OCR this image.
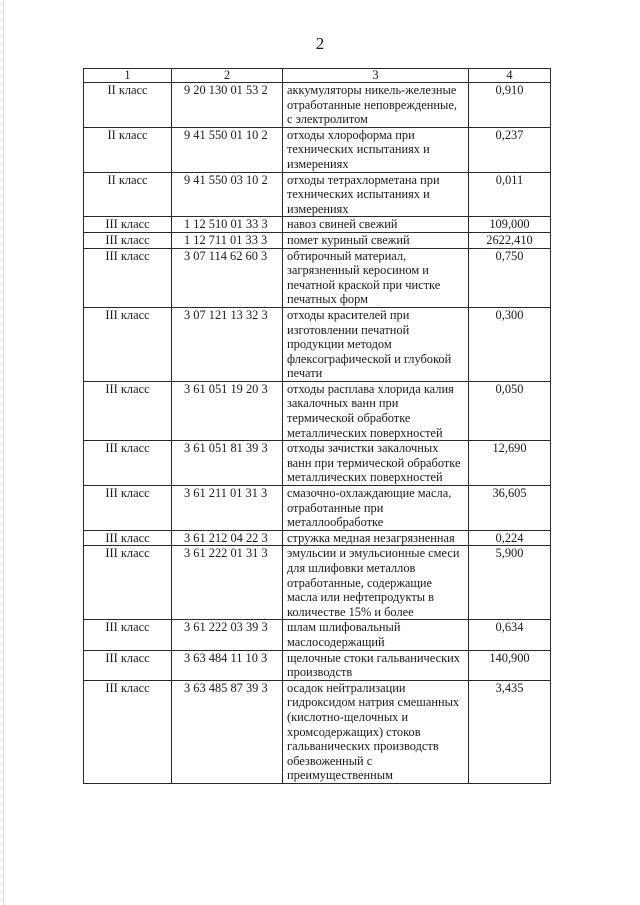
2
1	2	3	4
II класс	9 20 130 01 53 2	аккумуляторы никель-железные отработанные неповрежденные, с электролитом	0,910
II класс	9 41 550 01 10 2	отходы хлороформа при технических испытаниях и измерениях	0,237
II класс	9 41 550 03 10 2	отходы тетрахлорметана при технических испытаниях и измерениях	0,011
III класс	1 12 510 01 33 3	навоз свиней свежий	109,000
III класс	1 12 711 01 33 3	помет куриный свежий	2622,410
III класс	3 07 114 62 60 3	обтирочный материал, загрязненный керосином и печатной краской при чистке печатных форм	0,750
III класс	3 07 121 13 32 3	отходы красителей при изготовлении печатной продукции методом флексографической и глубокой печати	0,300
III класс	3 61 051 19 20 3	отходы расплава хлорида калия закалочных ванн при термической обработке металлических поверхностей	0,050
III класс	3 61 051 81 39 3	отходы зачистки закалочных ванн при термической обработке металлических поверхностей	12,690
III класс	3 61 211 01 31 3	смазочно-охлаждающие масла, отработанные при металлообработке	36,605
III класс	3 61 212 04 22 3	стружка медная незагрязненная	0,224
III класс	3 61 222 01 31 3	эмульсии и эмульсионные смеси для шлифовки металлов отработанные, содержащие масла или нефтепродукты в количестве 15% и более	5,900
III класс	3 61 222 03 39 3	шлам шлифовальный маслосодержащий	0,634
III класс	3 63 484 11 10 3	щелочные стоки гальванических производств	140,900
III класс	3 63 485 87 39 3	осадок нейтрализации гидроксидом натрия смешанных (кислотно-щелочных и хромсодержащих) стоков гальванических производств обезвоженный с преимущественным	3,435
